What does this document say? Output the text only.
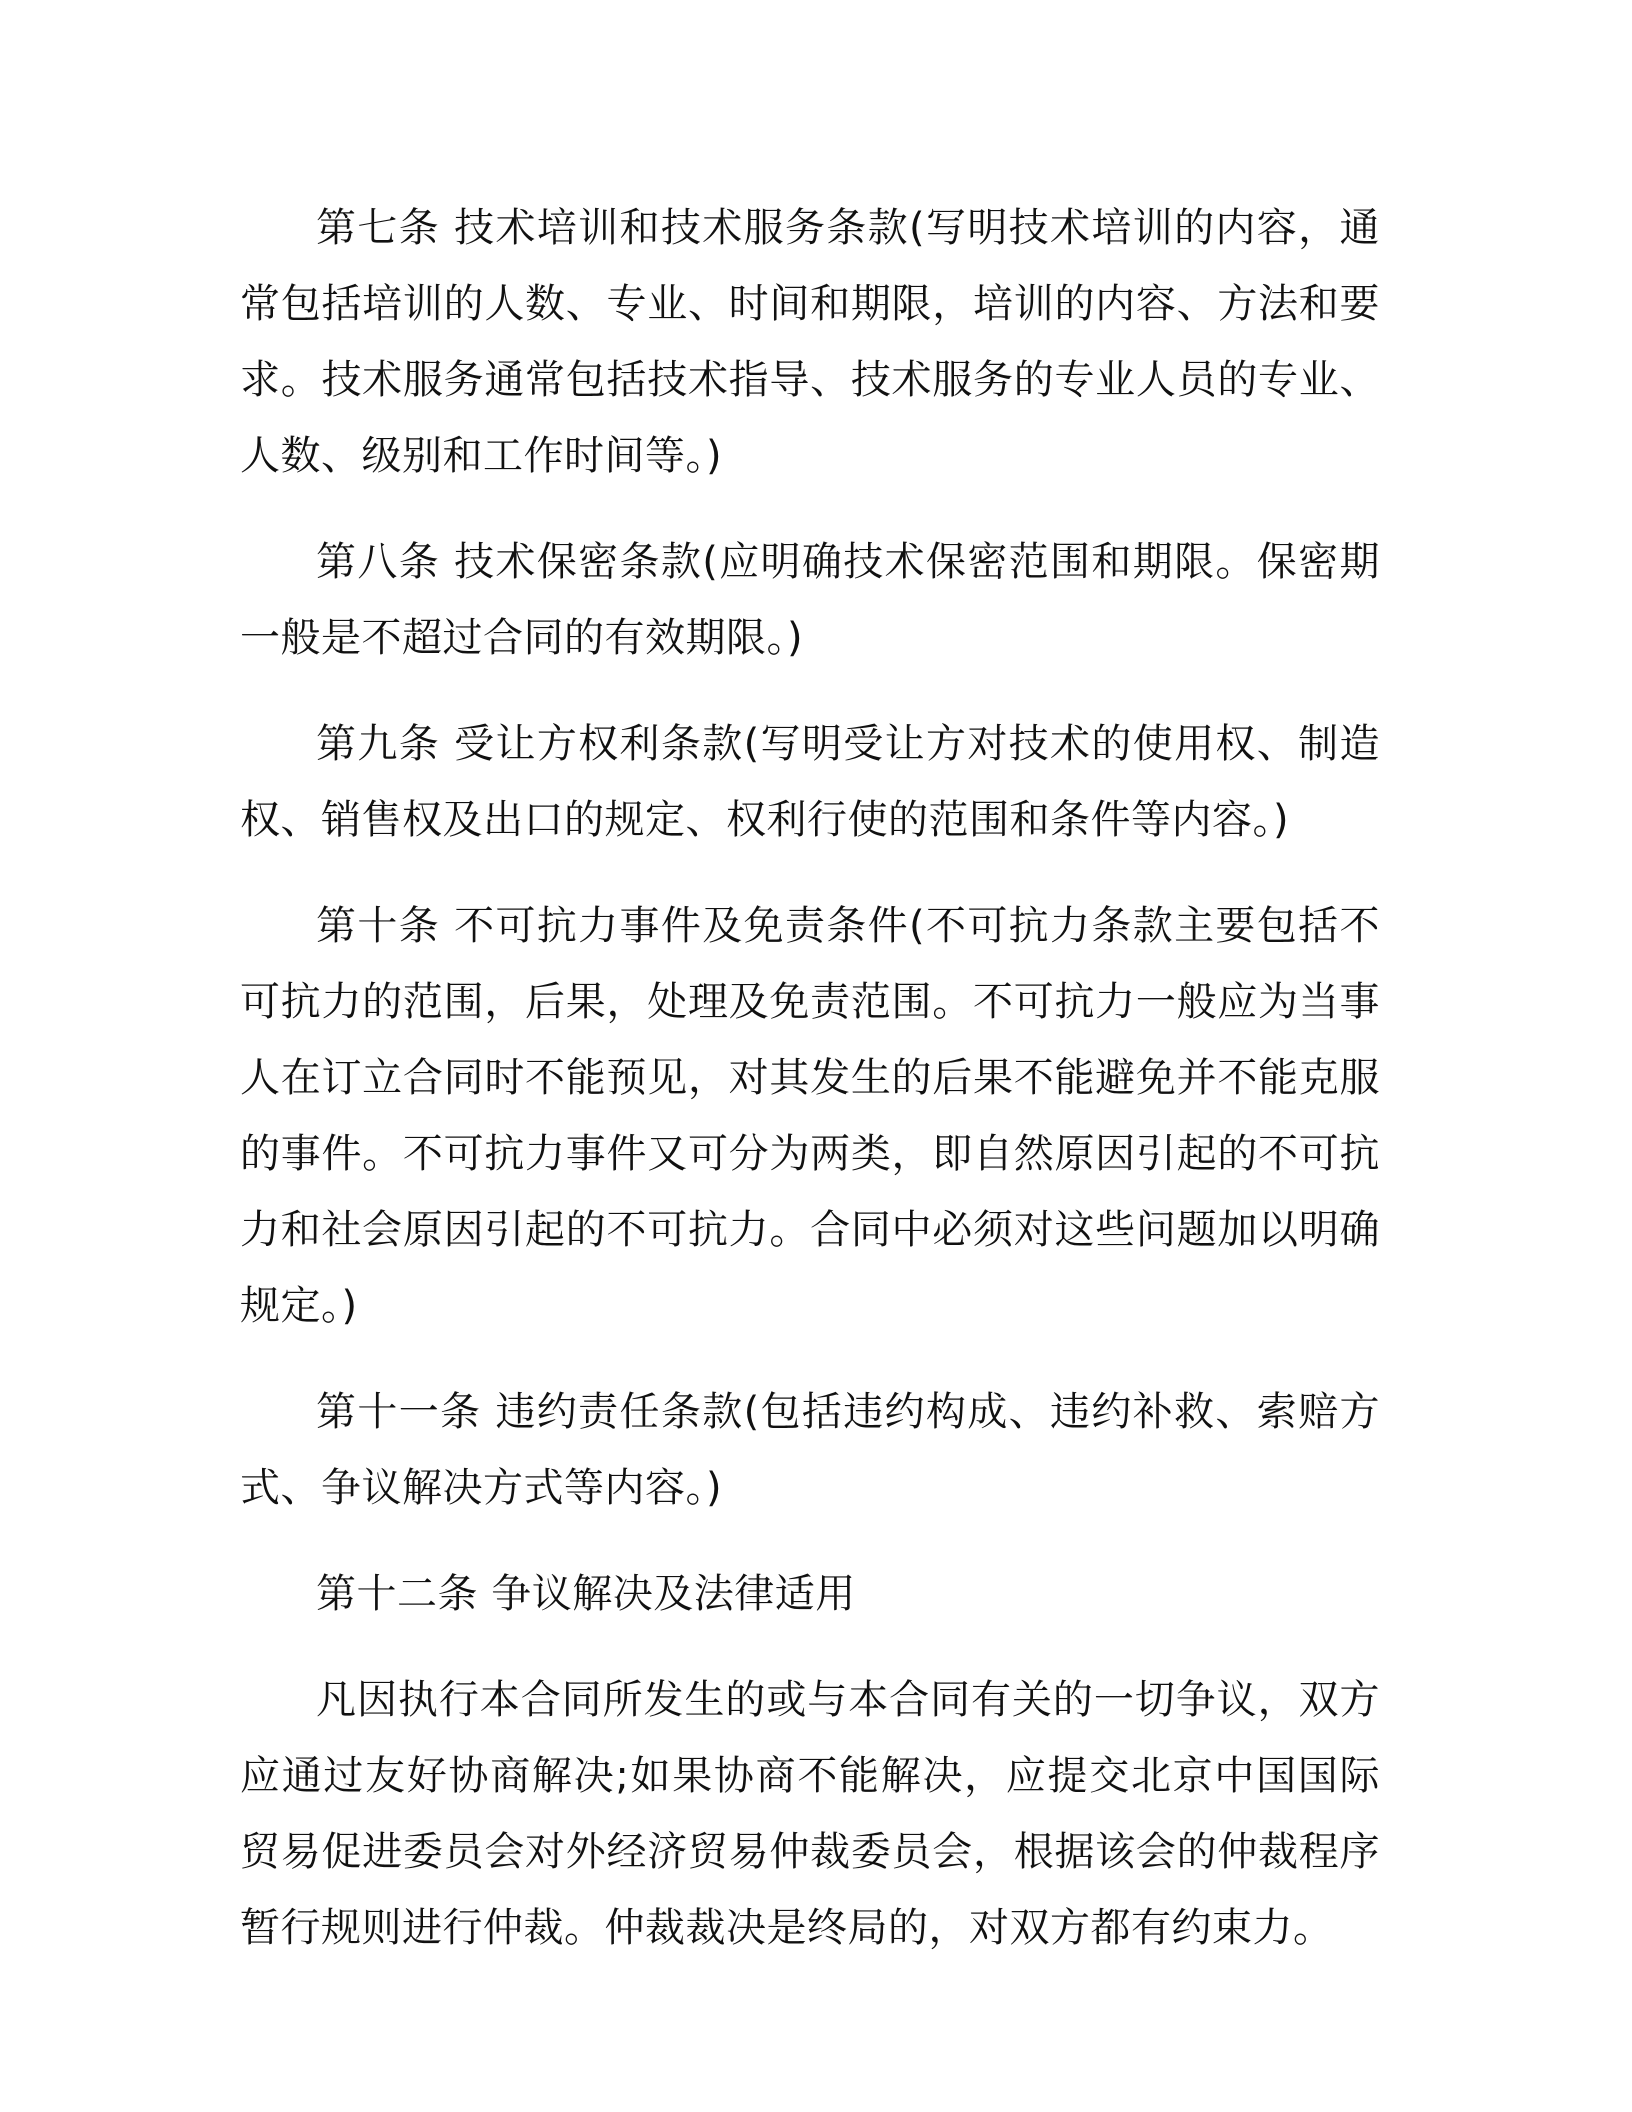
第七条 技术培训和技术服务条款(写明技术培训的内容，通常包括培训的人数、专业、时间和期限，培训的内容、方法和要求。技术服务通常包括技术指导、技术服务的专业人员的专业、人数、级别和工作时间等。)

第八条 技术保密条款(应明确技术保密范围和期限。保密期一般是不超过合同的有效期限。)

第九条 受让方权利条款(写明受让方对技术的使用权、制造权、销售权及出口的规定、权利行使的范围和条件等内容。)

第十条 不可抗力事件及免责条件(不可抗力条款主要包括不可抗力的范围，后果，处理及免责范围。不可抗力一般应为当事人在订立合同时不能预见，对其发生的后果不能避免并不能克服的事件。不可抗力事件又可分为两类，即自然原因引起的不可抗力和社会原因引起的不可抗力。合同中必须对这些问题加以明确规定。)

第十一条 违约责任条款(包括违约构成、违约补救、索赔方式、争议解决方式等内容。)

第十二条 争议解决及法律适用

凡因执行本合同所发生的或与本合同有关的一切争议，双方应通过友好协商解决;如果协商不能解决，应提交北京中国国际贸易促进委员会对外经济贸易仲裁委员会，根据该会的仲裁程序暂行规则进行仲裁。仲裁裁决是终局的，对双方都有约束力。
